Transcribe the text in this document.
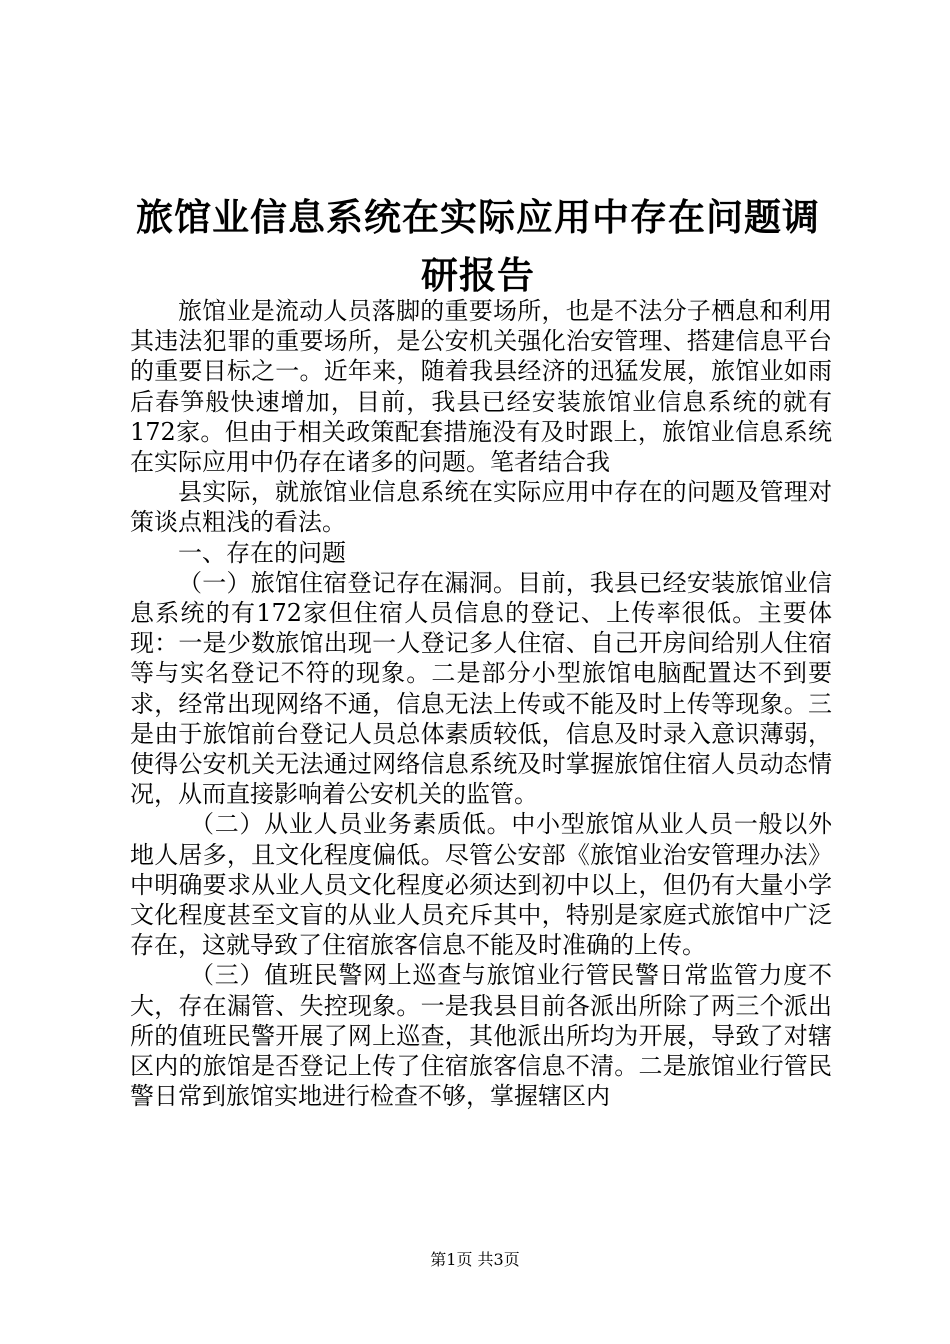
旅馆业信息系统在实际应用中存在问题调研报告

旅馆业是流动人员落脚的重要场所，也是不法分子栖息和利用其违法犯罪的重要场所，是公安机关强化治安管理、搭建信息平台的重要目标之一。近年来，随着我县经济的迅猛发展，旅馆业如雨后春笋般快速增加，目前，我县已经安装旅馆业信息系统的就有172家。但由于相关政策配套措施没有及时跟上，旅馆业信息系统在实际应用中仍存在诸多的问题。笔者结合我

县实际，就旅馆业信息系统在实际应用中存在的问题及管理对策谈点粗浅的看法。

一、存在的问题

（一）旅馆住宿登记存在漏洞。目前，我县已经安装旅馆业信息系统的有172家但住宿人员信息的登记、上传率很低。主要体现：一是少数旅馆出现一人登记多人住宿、自己开房间给别人住宿等与实名登记不符的现象。二是部分小型旅馆电脑配置达不到要求，经常出现网络不通，信息无法上传或不能及时上传等现象。三是由于旅馆前台登记人员总体素质较低，信息及时录入意识薄弱，使得公安机关无法通过网络信息系统及时掌握旅馆住宿人员动态情况，从而直接影响着公安机关的监管。

（二）从业人员业务素质低。中小型旅馆从业人员一般以外地人居多，且文化程度偏低。尽管公安部《旅馆业治安管理办法》中明确要求从业人员文化程度必须达到初中以上，但仍有大量小学文化程度甚至文盲的从业人员充斥其中，特别是家庭式旅馆中广泛存在，这就导致了住宿旅客信息不能及时准确的上传。

（三）值班民警网上巡查与旅馆业行管民警日常监管力度不大，存在漏管、失控现象。一是我县目前各派出所除了两三个派出所的值班民警开展了网上巡查，其他派出所均为开展，导致了对辖区内的旅馆是否登记上传了住宿旅客信息不清。二是旅馆业行管民警日常到旅馆实地进行检查不够，掌握辖区内

第1页 共3页
